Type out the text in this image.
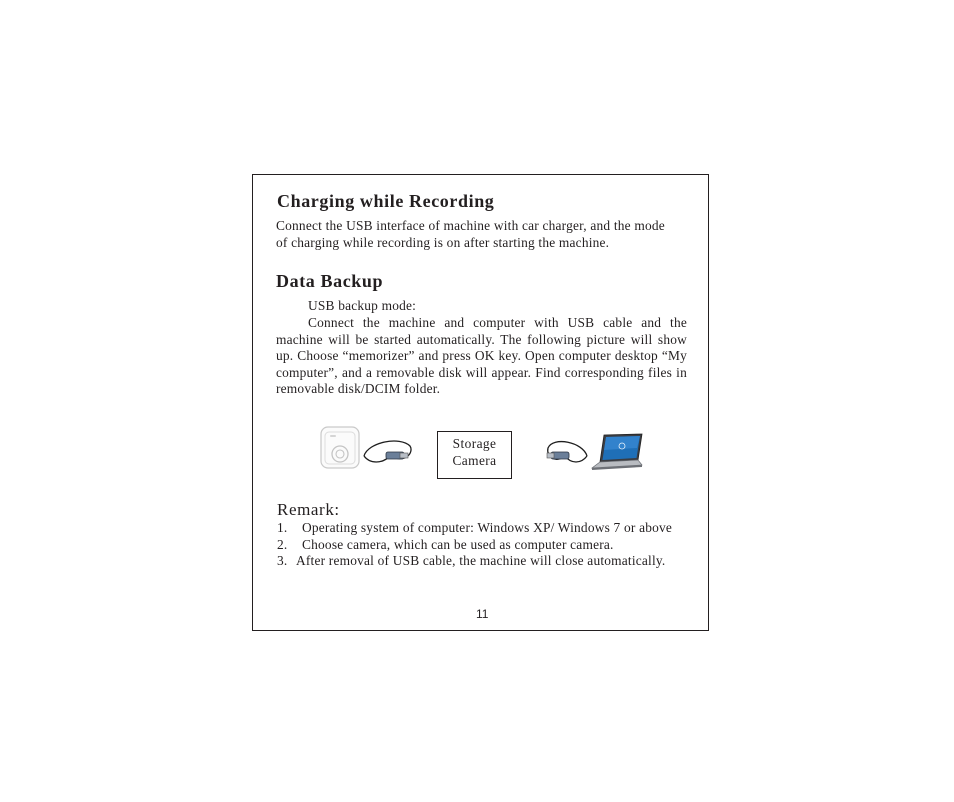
Charging while Recording

Connect the USB interface of machine with car charger, and the mode of charging while recording is on after starting the machine.

Data Backup

USB backup mode:

Connect the machine and computer with USB cable and the machine will be started automatically. The following picture will show up. Choose “memorizer” and press OK key. Open computer desktop “My computer”, and a removable disk will appear. Find corresponding files in removable disk/DCIM folder.

Storage
Camera

Remark:

1. Operating system of computer: Windows XP/ Windows 7 or above
2. Choose camera, which can be used as computer camera.
3. After removal of USB cable, the machine will close automatically.
11
